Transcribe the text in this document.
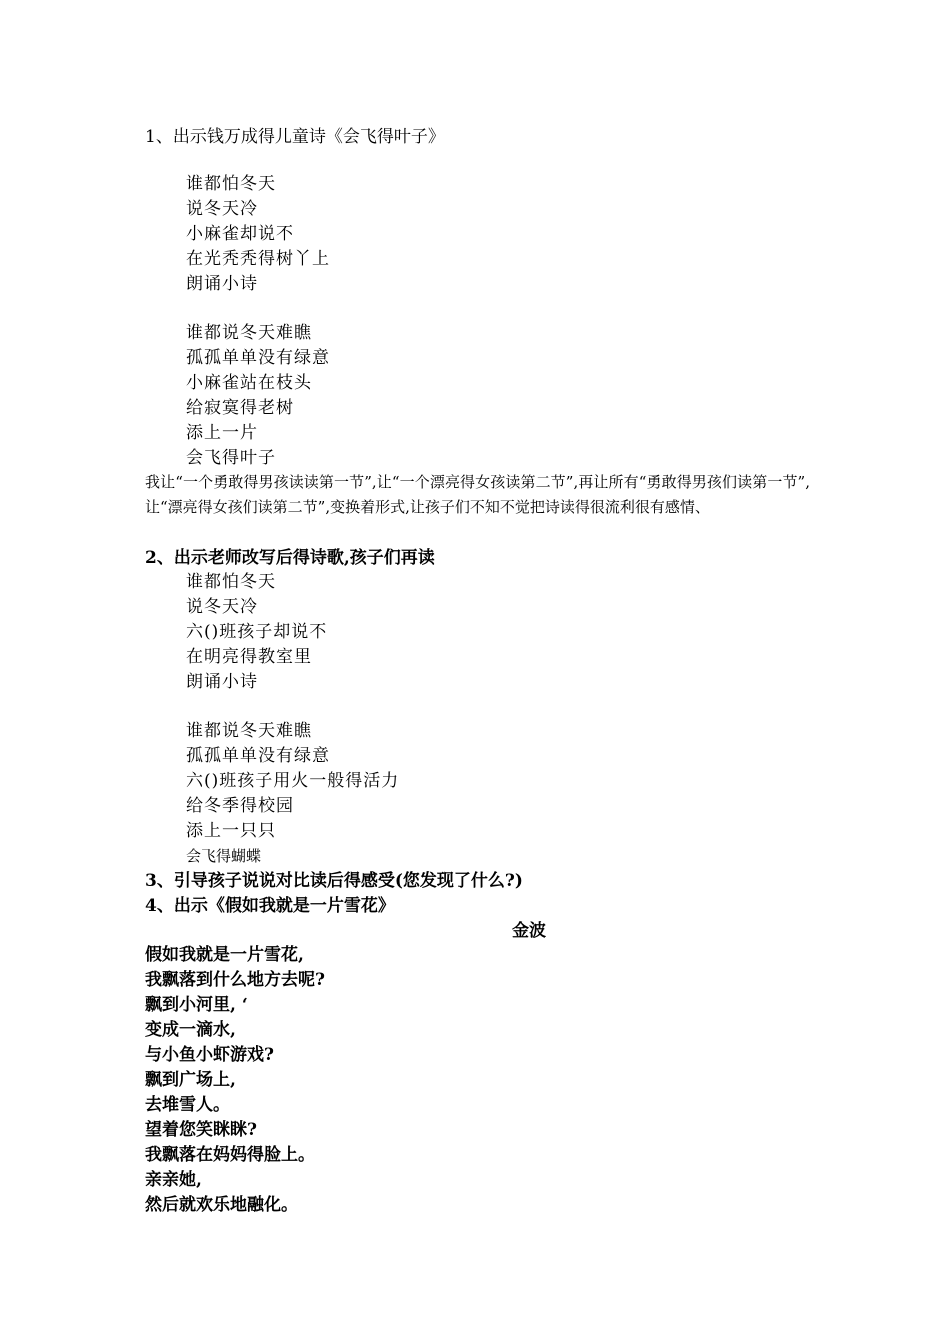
1、出示钱万成得儿童诗《会飞得叶子》
谁都怕冬天
说冬天冷
小麻雀却说不
在光秃秃得树丫上
朗诵小诗
谁都说冬天难瞧
孤孤单单没有绿意
小麻雀站在枝头
给寂寞得老树
添上一片
会飞得叶子
我让“一个勇敢得男孩读读第一节”,让“一个漂亮得女孩读第二节”,再让所有“勇敢得男孩们读第一节”,让“漂亮得女孩们读第二节”,变换着形式,让孩子们不知不觉把诗读得很流利很有感情、
2、出示老师改写后得诗歌,孩子们再读
谁都怕冬天
说冬天冷
六()班孩子却说不
在明亮得教室里
朗诵小诗
谁都说冬天难瞧
孤孤单单没有绿意
六()班孩子用火一般得活力
给冬季得校园
添上一只只
会飞得蝴蝶
3、引导孩子说说对比读后得感受(您发现了什么?)
4、出示《假如我就是一片雪花》
金波
假如我就是一片雪花,
我飘落到什么地方去呢?
飘到小河里, ‘
变成一滴水,
与小鱼小虾游戏?
飘到广场上,
去堆雪人。
望着您笑眯眯?
我飘落在妈妈得脸上。
亲亲她,
然后就欢乐地融化。
